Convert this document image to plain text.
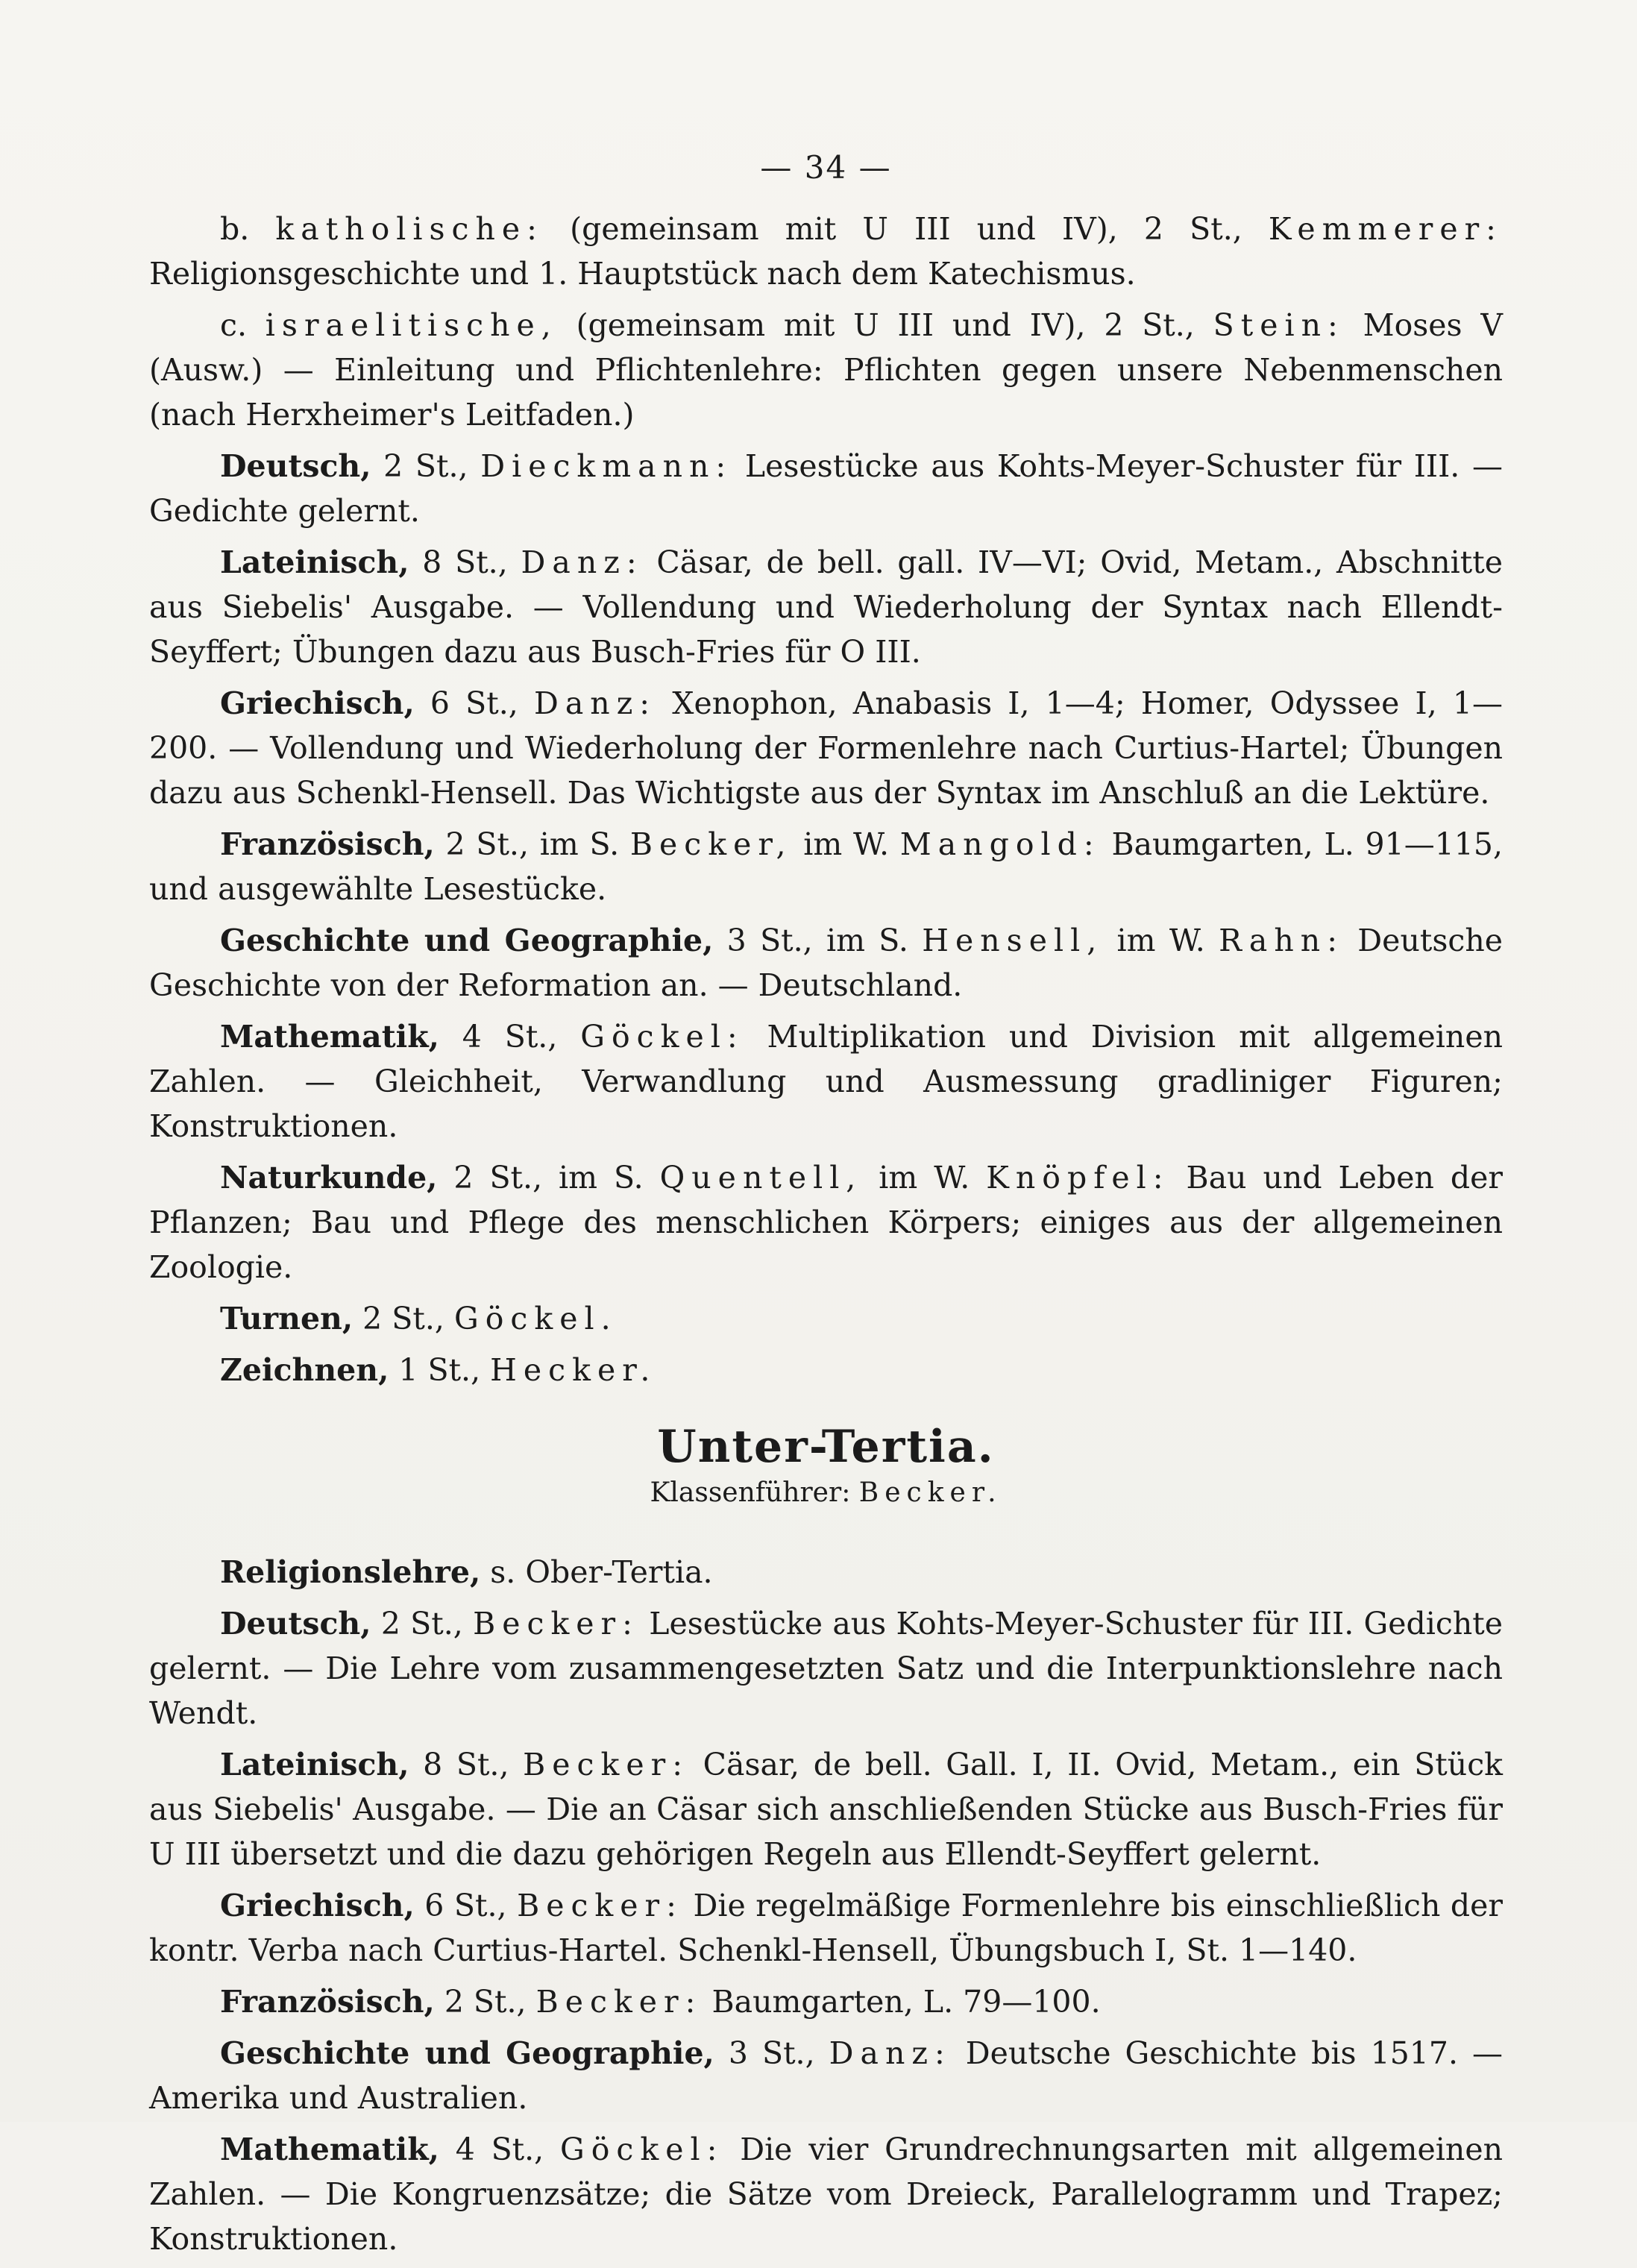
— 34 —

b. katholische: (gemeinsam mit U III und IV), 2 St., Kemmerer: Religionsgeschichte und 1. Hauptstück nach dem Katechismus.

c. israelitische, (gemeinsam mit U III und IV), 2 St., Stein: Moses V (Ausw.) — Einleitung und Pflichtenlehre: Pflichten gegen unsere Nebenmenschen (nach Herxheimer's Leitfaden.)

Deutsch, 2 St., Dieckmann: Lesestücke aus Kohts-Meyer-Schuster für III. — Gedichte gelernt.

Lateinisch, 8 St., Danz: Cäsar, de bell. gall. IV—VI; Ovid, Metam., Abschnitte aus Siebelis' Ausgabe. — Vollendung und Wiederholung der Syntax nach Ellendt-Seyffert; Übungen dazu aus Busch-Fries für O III.

Griechisch, 6 St., Danz: Xenophon, Anabasis I, 1—4; Homer, Odyssee I, 1—200. — Vollendung und Wiederholung der Formenlehre nach Curtius-Hartel; Übungen dazu aus Schenkl-Hensell. Das Wichtigste aus der Syntax im Anschluß an die Lektüre.

Französisch, 2 St., im S. Becker, im W. Mangold: Baumgarten, L. 91—115, und ausgewählte Lesestücke.

Geschichte und Geographie, 3 St., im S. Hensell, im W. Rahn: Deutsche Geschichte von der Reformation an. — Deutschland.

Mathematik, 4 St., Göckel: Multiplikation und Division mit allgemeinen Zahlen. — Gleichheit, Verwandlung und Ausmessung gradliniger Figuren; Konstruktionen.

Naturkunde, 2 St., im S. Quentell, im W. Knöpfel: Bau und Leben der Pflanzen; Bau und Pflege des menschlichen Körpers; einiges aus der allgemeinen Zoologie.

Turnen, 2 St., Göckel.

Zeichnen, 1 St., Hecker.

Unter-Tertia.
Klassenführer: Becker.

Religionslehre, s. Ober-Tertia.

Deutsch, 2 St., Becker: Lesestücke aus Kohts-Meyer-Schuster für III. Gedichte gelernt. — Die Lehre vom zusammengesetzten Satz und die Interpunktionslehre nach Wendt.

Lateinisch, 8 St., Becker: Cäsar, de bell. Gall. I, II. Ovid, Metam., ein Stück aus Siebelis' Ausgabe. — Die an Cäsar sich anschließenden Stücke aus Busch-Fries für U III übersetzt und die dazu gehörigen Regeln aus Ellendt-Seyffert gelernt.

Griechisch, 6 St., Becker: Die regelmäßige Formenlehre bis einschließlich der kontr. Verba nach Curtius-Hartel. Schenkl-Hensell, Übungsbuch I, St. 1—140.

Französisch, 2 St., Becker: Baumgarten, L. 79—100.

Geschichte und Geographie, 3 St., Danz: Deutsche Geschichte bis 1517. — Amerika und Australien.

Mathematik, 4 St., Göckel: Die vier Grundrechnungsarten mit allgemeinen Zahlen. — Die Kongruenzsätze; die Sätze vom Dreieck, Parallelogramm und Trapez; Konstruktionen.
